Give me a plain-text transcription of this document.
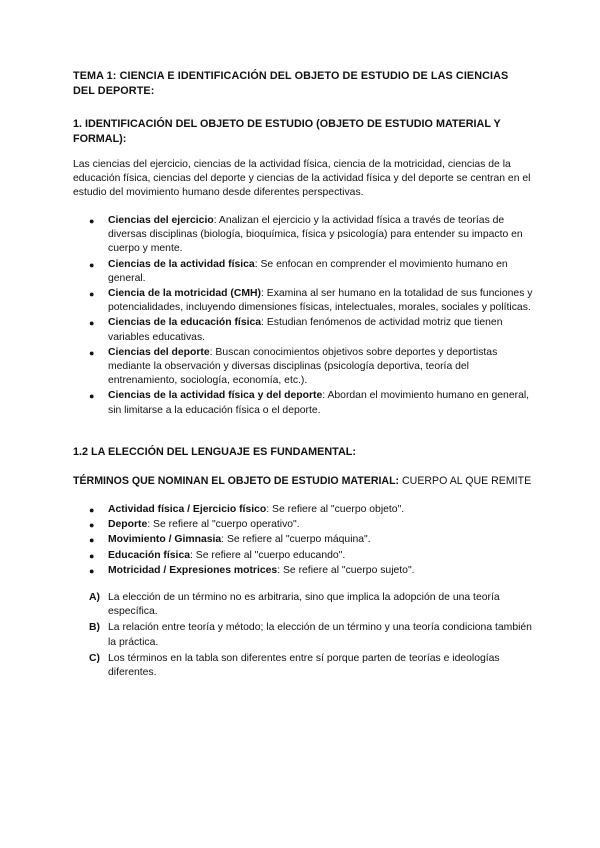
TEMA 1: CIENCIA E IDENTIFICACIÓN DEL OBJETO DE ESTUDIO DE LAS CIENCIAS DEL DEPORTE:
1. IDENTIFICACIÓN DEL OBJETO DE ESTUDIO (OBJETO DE ESTUDIO MATERIAL Y FORMAL):
Las ciencias del ejercicio, ciencias de la actividad física, ciencia de la motricidad, ciencias de la educación física, ciencias del deporte y ciencias de la actividad física y del deporte se centran en el estudio del movimiento humano desde diferentes perspectivas.
● Ciencias del ejercicio: Analizan el ejercicio y la actividad física a través de teorías de diversas disciplinas (biología, bioquímica, física y psicología) para entender su impacto en cuerpo y mente.
● Ciencias de la actividad física: Se enfocan en comprender el movimiento humano en general.
● Ciencia de la motricidad (CMH): Examina al ser humano en la totalidad de sus funciones y potencialidades, incluyendo dimensiones físicas, intelectuales, morales, sociales y políticas.
● Ciencias de la educación física: Estudian fenómenos de actividad motriz que tienen variables educativas.
● Ciencias del deporte: Buscan conocimientos objetivos sobre deportes y deportistas mediante la observación y diversas disciplinas (psicología deportiva, teoría del entrenamiento, sociología, economía, etc.).
● Ciencias de la actividad física y del deporte: Abordan el movimiento humano en general, sin limitarse a la educación física o el deporte.
1.2 LA ELECCIÓN DEL LENGUAJE ES FUNDAMENTAL:
TÉRMINOS QUE NOMINAN EL OBJETO DE ESTUDIO MATERIAL: CUERPO AL QUE REMITE
● Actividad física / Ejercicio físico: Se refiere al "cuerpo objeto".
● Deporte: Se refiere al "cuerpo operativo".
● Movimiento / Gimnasia: Se refiere al "cuerpo máquina".
● Educación física: Se refiere al "cuerpo educando".
● Motricidad / Expresiones motrices: Se refiere al "cuerpo sujeto".
A) La elección de un término no es arbitraria, sino que implica la adopción de una teoría específica.
B) La relación entre teoría y método; la elección de un término y una teoría condiciona también la práctica.
C) Los términos en la tabla son diferentes entre sí porque parten de teorías e ideologías diferentes.
